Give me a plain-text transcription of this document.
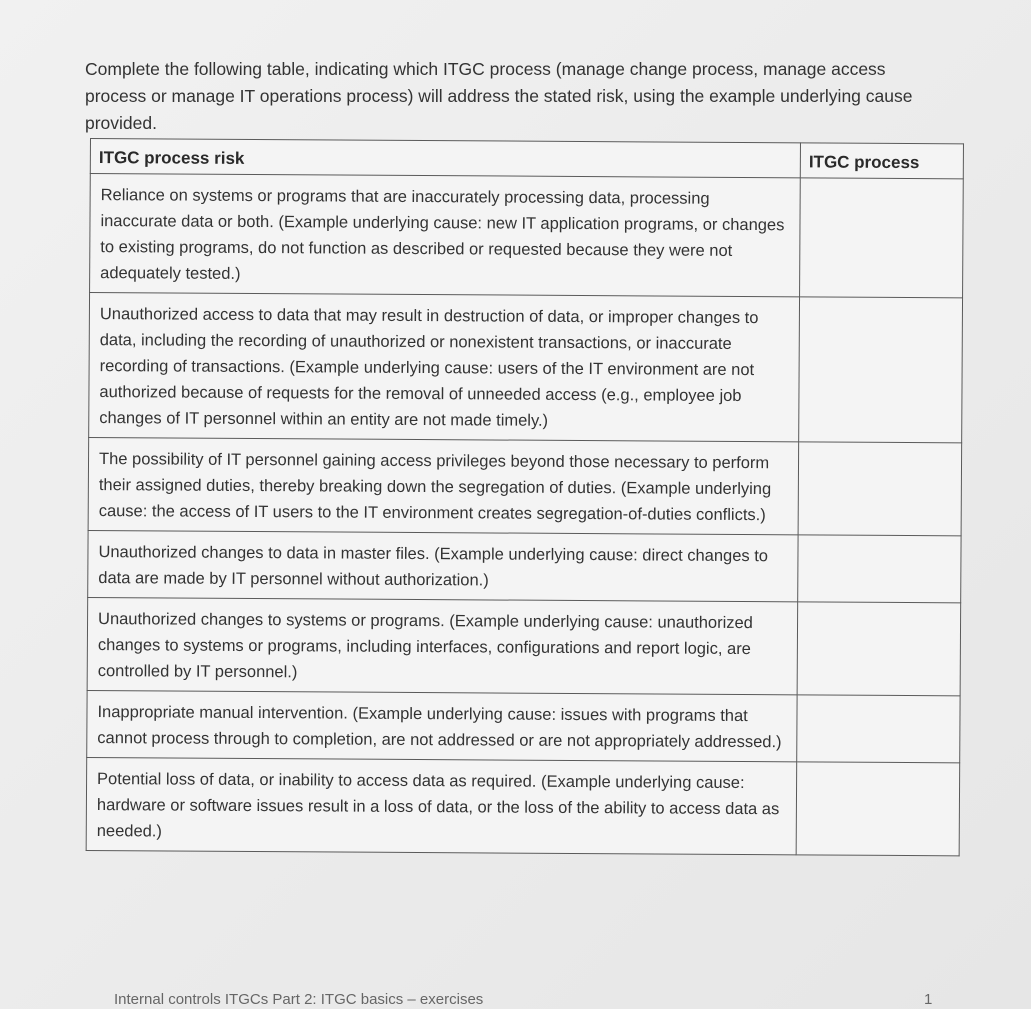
Complete the following table, indicating which ITGC process (manage change process, manage access process or manage IT operations process) will address the stated risk, using the example underlying cause provided.

ITGC process risk	ITGC process
Reliance on systems or programs that are inaccurately processing data, processing inaccurate data or both. (Example underlying cause: new IT application programs, or changes to existing programs, do not function as described or requested because they were not adequately tested.)	
Unauthorized access to data that may result in destruction of data, or improper changes to data, including the recording of unauthorized or nonexistent transactions, or inaccurate recording of transactions. (Example underlying cause: users of the IT environment are not authorized because of requests for the removal of unneeded access (e.g., employee job changes of IT personnel within an entity are not made timely.)	
The possibility of IT personnel gaining access privileges beyond those necessary to perform their assigned duties, thereby breaking down the segregation of duties. (Example underlying cause: the access of IT users to the IT environment creates segregation-of-duties conflicts.)	
Unauthorized changes to data in master files. (Example underlying cause: direct changes to data are made by IT personnel without authorization.)	
Unauthorized changes to systems or programs. (Example underlying cause: unauthorized changes to systems or programs, including interfaces, configurations and report logic, are controlled by IT personnel.)	
Inappropriate manual intervention. (Example underlying cause: issues with programs that cannot process through to completion, are not addressed or are not appropriately addressed.)	
Potential loss of data, or inability to access data as required. (Example underlying cause: hardware or software issues result in a loss of data, or the loss of the ability to access data as needed.)	
Internal controls ITGCs Part 2: ITGC basics – exercises	1
